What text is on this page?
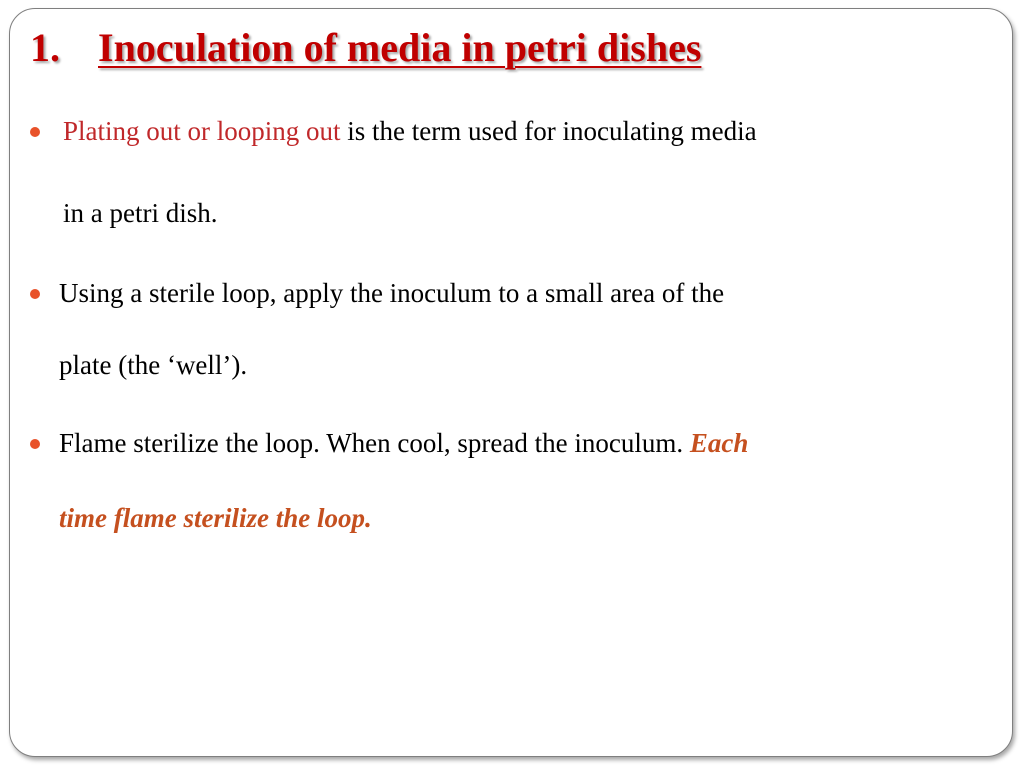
1. Inoculation of media in petri dishes
Plating out or looping out is the term used for inoculating media
in a petri dish.
Using a sterile loop, apply the inoculum to a small area of the
plate (the ‘well’).
Flame sterilize the loop. When cool, spread the inoculum. Each
time flame sterilize the loop.
